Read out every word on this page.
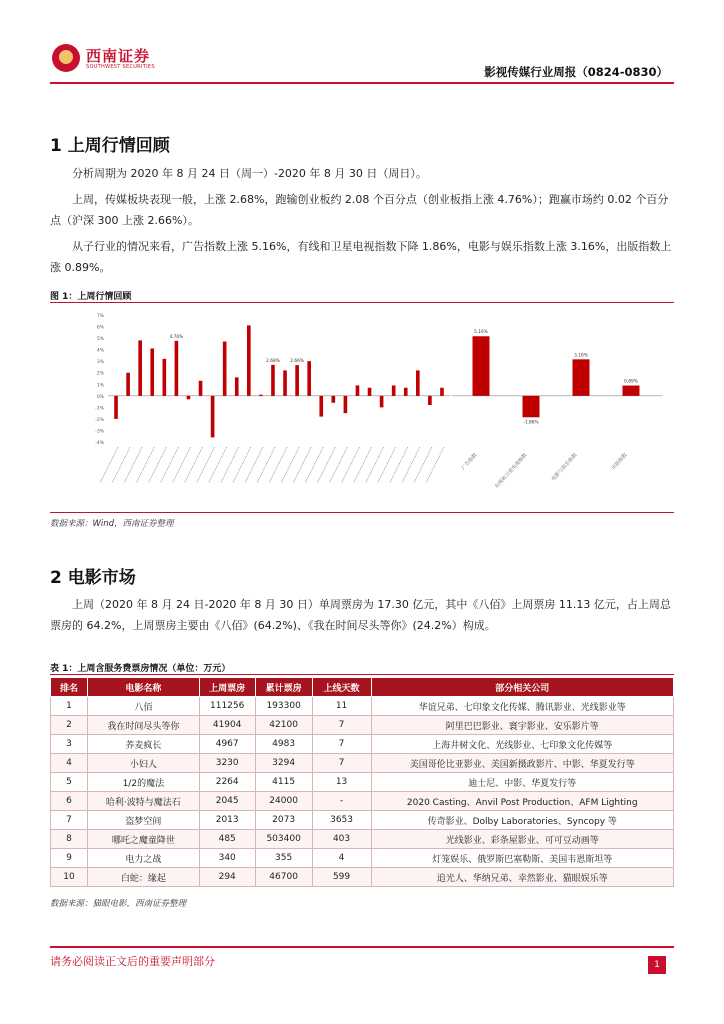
西南证券
SOUTHWEST SECURITIES	影视传媒行业周报（0824-0830）
1 上周行情回顾
分析周期为 2020 年 8 月 24 日（周一）-2020 年 8 月 30 日（周日）。
上周，传媒板块表现一般，上涨 2.68%，跑输创业板约 2.08 个百分点（创业板指上涨 4.76%）；跑赢市场约 0.02 个百分点（沪深 300 上涨 2.66%）。
从子行业的情况来看，广告指数上涨 5.16%，有线和卫星电视指数下降 1.86%，电影与娱乐指数上涨 3.16%，出版指数上涨 0.89%。
图 1：上周行情回顾
7%
6%
5%
4%
3%
2%
1%
0%
-1%
-2%
-3%
-4%
4.76%
2.68% 2.66%
5.16%
广告指数
-1.86%
有线和卫星电视指数
3.16%
电影与娱乐指数
0.89%
出版指数
数据来源：Wind，西南证券整理
2 电影市场
上周（2020 年 8 月 24 日-2020 年 8 月 30 日）单周票房为 17.30 亿元，其中《八佰》上周票房 11.13 亿元，占上周总票房的 64.2%，上周票房主要由《八佰》(64.2%)、《我在时间尽头等你》(24.2%）构成。
表 1：上周含服务费票房情况（单位：万元）
排名	电影名称	上周票房	累计票房	上线天数	部分相关公司
1	八佰	111256	193300	11	华谊兄弟、七印象文化传媒、腾讯影业、光线影业等
2	我在时间尽头等你	41904	42100	7	阿里巴巴影业、寰宇影业、安乐影片等
3	荞麦疯长	4967	4983	7	上海井树文化、光线影业、七印象文化传媒等
4	小妇人	3230	3294	7	美国哥伦比亚影业、美国新摄政影片、中影、华夏发行等
5	1/2的魔法	2264	4115	13	迪士尼、中影、华夏发行等
6	哈利·波特与魔法石	2045	24000	-	2020 Casting、Anvil Post Production、AFM Lighting
7	盗梦空间	2013	2073	3653	传奇影业、Dolby Laboratories、Syncopy 等
8	哪吒之魔童降世	485	503400	403	光线影业、彩条屋影业、可可豆动画等
9	电力之战	340	355	4	灯笼娱乐、俄罗斯巴塞勒斯、美国韦恩斯坦等
10	白蛇：缘起	294	46700	599	追光人、华纳兄弟、幸然影业、猫眼娱乐等
数据来源：猫眼电影，西南证券整理
请务必阅读正文后的重要声明部分	1
